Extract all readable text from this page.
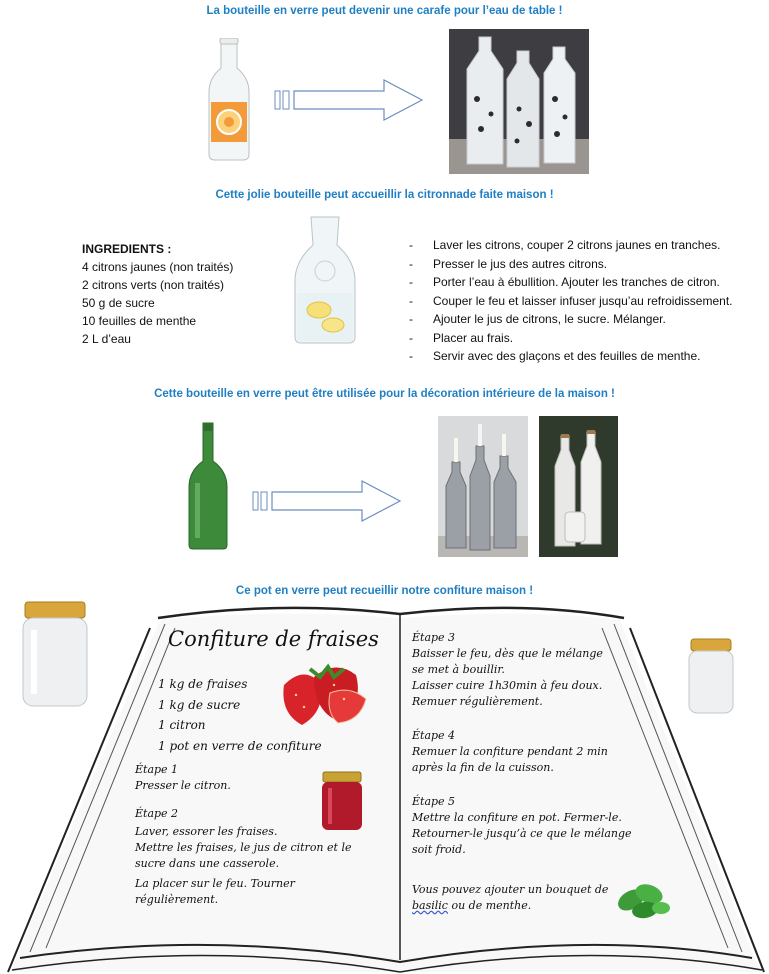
La bouteille en verre peut devenir une carafe pour l’eau de table !
Cette jolie bouteille peut accueillir la citronnade faite maison !
INGREDIENTS :
4 citrons jaunes (non traités)
2 citrons verts (non traités)
50 g de sucre
10 feuilles de menthe
2 L d’eau
- Laver les citrons, couper 2 citrons jaunes en tranches.
- Presser le jus des autres citrons.
- Porter l’eau à ébullition. Ajouter les tranches de citron.
- Couper le feu et laisser infuser jusqu’au refroidissement.
- Ajouter le jus de citrons, le sucre. Mélanger.
- Placer au frais.
- Servir avec des glaçons et des feuilles de menthe.
Cette bouteille en verre peut être utilisée pour la décoration intérieure de la maison !
Ce pot en verre peut recueillir notre confiture maison !
Confiture de fraises
1 kg de fraises
1 kg de sucre
1 citron
1 pot en verre de confiture
Étape 1
Presser le citron.
Étape 2
Laver, essorer les fraises.
Mettre les fraises, le jus de citron et le
sucre dans une casserole.
La placer sur le feu. Tourner
régulièrement.
Étape 3
Baisser le feu, dès que le mélange
se met à bouillir.
Laisser cuire 1h30min à feu doux.
Remuer régulièrement.
Étape 4
Remuer la confiture pendant 2 min
après la fin de la cuisson.
Étape 5
Mettre la confiture en pot. Fermer-le.
Retourner-le jusqu’à ce que le mélange
soit froid.
Vous pouvez ajouter un bouquet de
basilic ou de menthe.
